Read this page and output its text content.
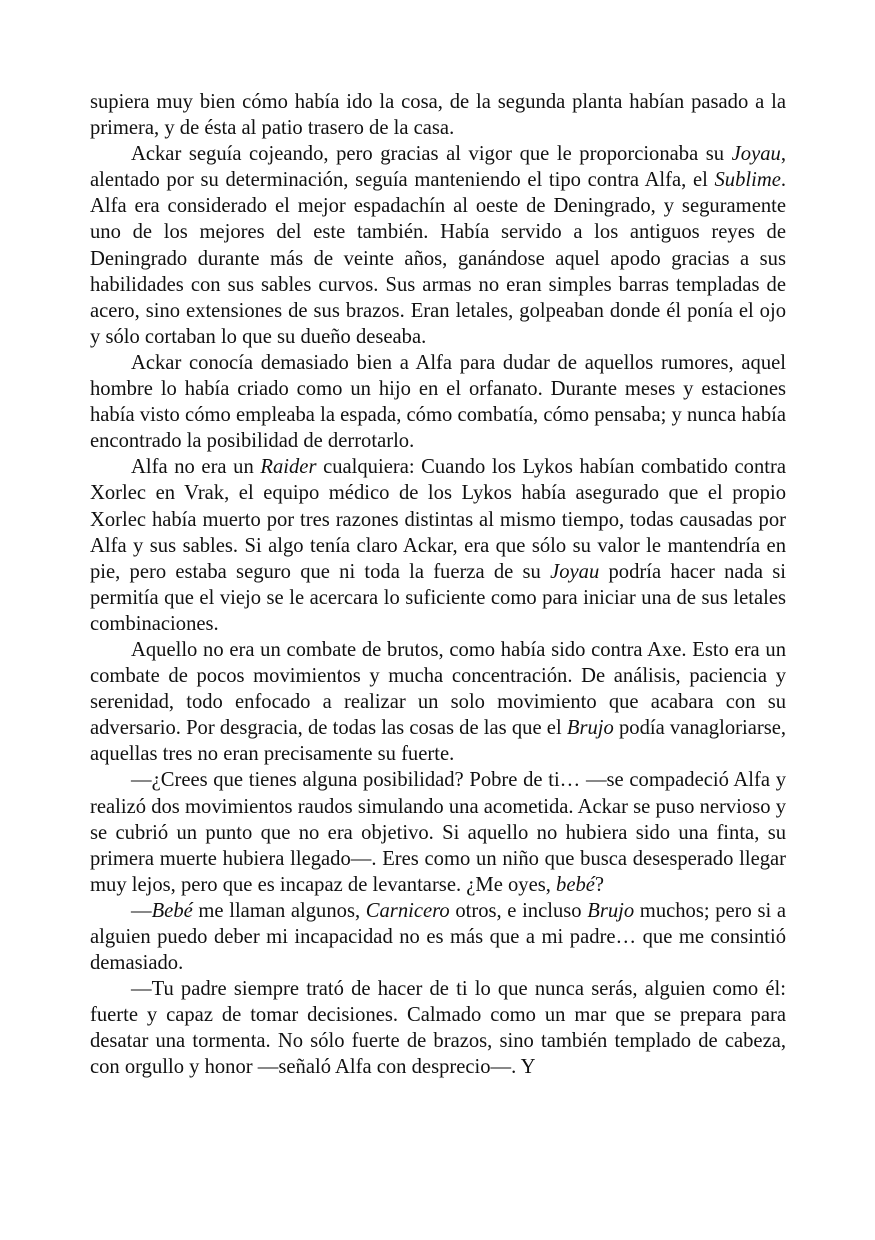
supiera muy bien cómo había ido la cosa, de la segunda planta habían pasado a la primera, y de ésta al patio trasero de la casa.

Ackar seguía cojeando, pero gracias al vigor que le proporcionaba su Joyau, alentado por su determinación, seguía manteniendo el tipo contra Alfa, el Sublime. Alfa era considerado el mejor espadachín al oeste de Deningrado, y seguramente uno de los mejores del este también. Había servido a los antiguos reyes de Deningrado durante más de veinte años, ganándose aquel apodo gracias a sus habilidades con sus sables curvos. Sus armas no eran simples barras templadas de acero, sino extensiones de sus brazos. Eran letales, golpeaban donde él ponía el ojo y sólo cortaban lo que su dueño deseaba.

Ackar conocía demasiado bien a Alfa para dudar de aquellos rumores, aquel hombre lo había criado como un hijo en el orfanato. Durante meses y estaciones había visto cómo empleaba la espada, cómo combatía, cómo pensaba; y nunca había encontrado la posibilidad de derrotarlo.

Alfa no era un Raider cualquiera: Cuando los Lykos habían combatido contra Xorlec en Vrak, el equipo médico de los Lykos había asegurado que el propio Xorlec había muerto por tres razones distintas al mismo tiempo, todas causadas por Alfa y sus sables. Si algo tenía claro Ackar, era que sólo su valor le mantendría en pie, pero estaba seguro que ni toda la fuerza de su Joyau podría hacer nada si permitía que el viejo se le acercara lo suficiente como para iniciar una de sus letales combinaciones.

Aquello no era un combate de brutos, como había sido contra Axe. Esto era un combate de pocos movimientos y mucha concentración. De análisis, paciencia y serenidad, todo enfocado a realizar un solo movimiento que acabara con su adversario. Por desgracia, de todas las cosas de las que el Brujo podía vanagloriarse, aquellas tres no eran precisamente su fuerte.

—¿Crees que tienes alguna posibilidad? Pobre de ti… —se compadeció Alfa y realizó dos movimientos raudos simulando una acometida. Ackar se puso nervioso y se cubrió un punto que no era objetivo. Si aquello no hubiera sido una finta, su primera muerte hubiera llegado—. Eres como un niño que busca desesperado llegar muy lejos, pero que es incapaz de levantarse. ¿Me oyes, bebé?

—Bebé me llaman algunos, Carnicero otros, e incluso Brujo muchos; pero si a alguien puedo deber mi incapacidad no es más que a mi padre… que me consintió demasiado.

—Tu padre siempre trató de hacer de ti lo que nunca serás, alguien como él: fuerte y capaz de tomar decisiones. Calmado como un mar que se prepara para desatar una tormenta. No sólo fuerte de brazos, sino también templado de cabeza, con orgullo y honor —señaló Alfa con desprecio—. Y
